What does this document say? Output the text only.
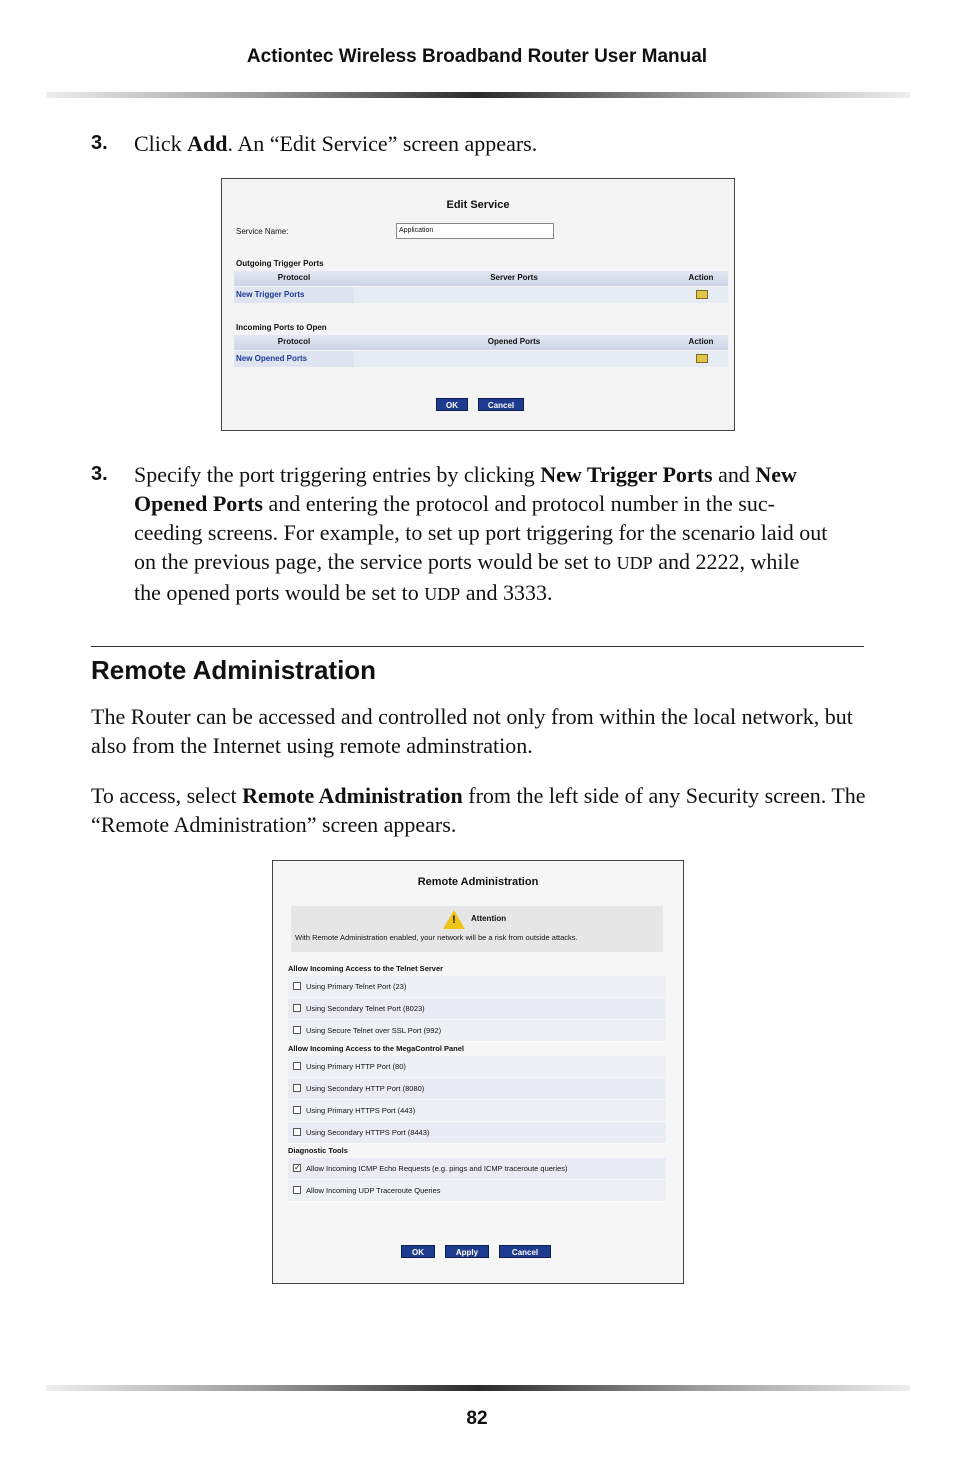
Actiontec Wireless Broadband Router User Manual
3. Click Add. An “Edit Service” screen appears.
Edit Service
Service Name:	Application
Outgoing Trigger Ports
Protocol	Server Ports	Action
New Trigger Ports
Incoming Ports to Open
Protocol	Opened Ports	Action
New Opened Ports
OK	Cancel
3. Specify the port triggering entries by clicking New Trigger Ports and New Opened Ports and entering the protocol and protocol number in the suc-ceeding screens. For example, to set up port triggering for the scenario laid out on the previous page, the service ports would be set to UDP and 2222, while the opened ports would be set to UDP and 3333.
Remote Administration
The Router can be accessed and controlled not only from within the local network, but also from the Internet using remote adminstration.
To access, select Remote Administration from the left side of any Security screen. The “Remote Administration” screen appears.
Remote Administration
! Attention
With Remote Administration enabled, your network will be a risk from outside attacks.
Allow Incoming Access to the Telnet Server
Using Primary Telnet Port (23)
Using Secondary Telnet Port (8023)
Using Secure Telnet over SSL Port (992)
Allow Incoming Access to the MegaControl Panel
Using Primary HTTP Port (80)
Using Secondary HTTP Port (8080)
Using Primary HTTPS Port (443)
Using Secondary HTTPS Port (8443)
Diagnostic Tools
✓ Allow Incoming ICMP Echo Requests (e.g. pings and ICMP traceroute queries)
Allow Incoming UDP Traceroute Queries
OK	Apply	Cancel
82
